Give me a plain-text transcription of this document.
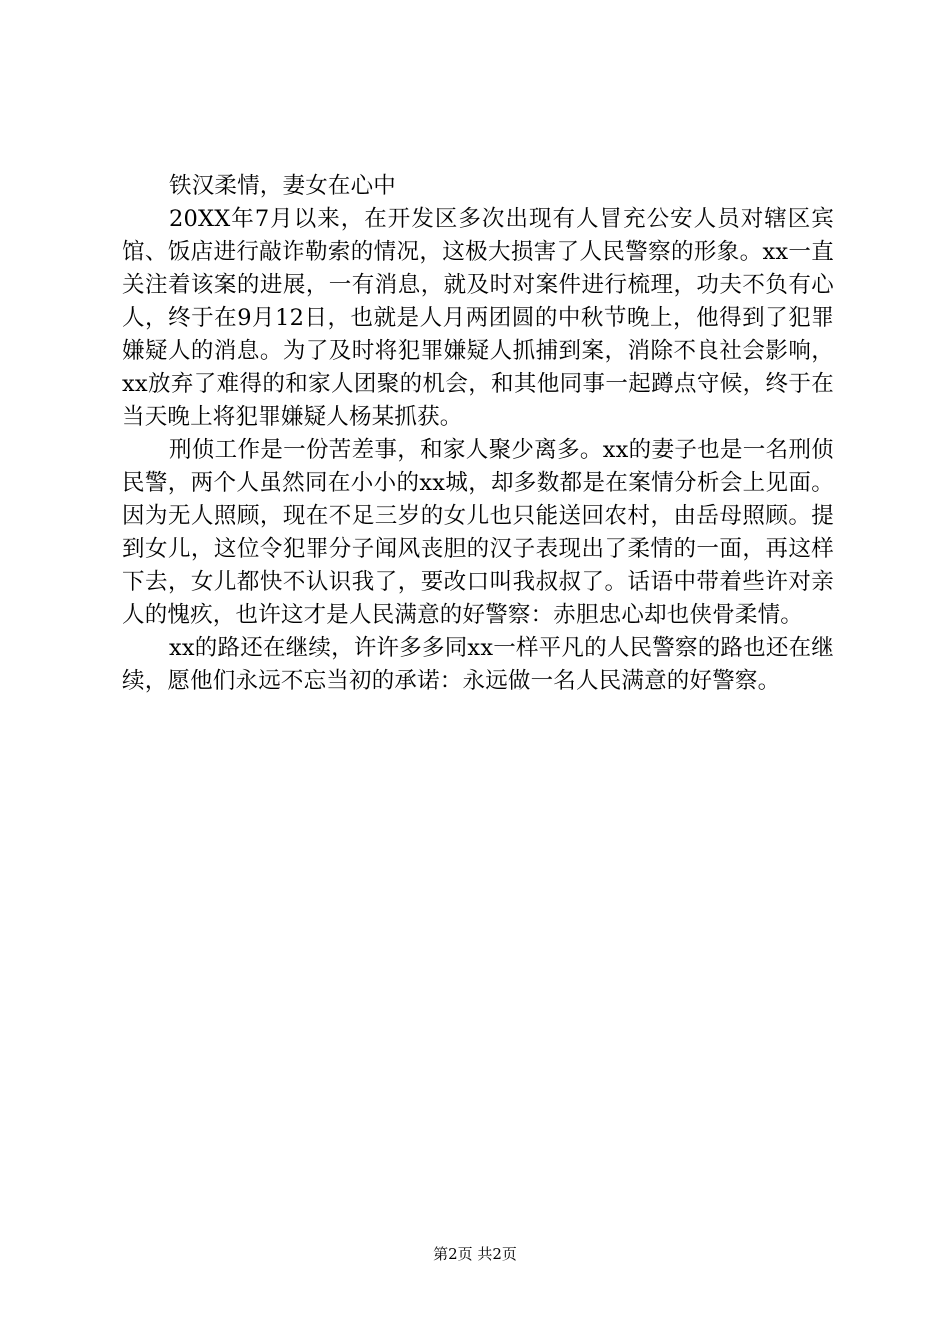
铁汉柔情，妻女在心中

20XX年7月以来，在开发区多次出现有人冒充公安人员对辖区宾馆、饭店进行敲诈勒索的情况，这极大损害了人民警察的形象。xx一直关注着该案的进展，一有消息，就及时对案件进行梳理，功夫不负有心人，终于在9月12日，也就是人月两团圆的中秋节晚上，他得到了犯罪嫌疑人的消息。为了及时将犯罪嫌疑人抓捕到案，消除不良社会影响，xx放弃了难得的和家人团聚的机会，和其他同事一起蹲点守候，终于在当天晚上将犯罪嫌疑人杨某抓获。

刑侦工作是一份苦差事，和家人聚少离多。xx的妻子也是一名刑侦民警，两个人虽然同在小小的xx城，却多数都是在案情分析会上见面。因为无人照顾，现在不足三岁的女儿也只能送回农村，由岳母照顾。提到女儿，这位令犯罪分子闻风丧胆的汉子表现出了柔情的一面，再这样下去，女儿都快不认识我了，要改口叫我叔叔了。话语中带着些许对亲人的愧疚，也许这才是人民满意的好警察：赤胆忠心却也侠骨柔情。

xx的路还在继续，许许多多同xx一样平凡的人民警察的路也还在继续，愿他们永远不忘当初的承诺：永远做一名人民满意的好警察。

第2页 共2页
